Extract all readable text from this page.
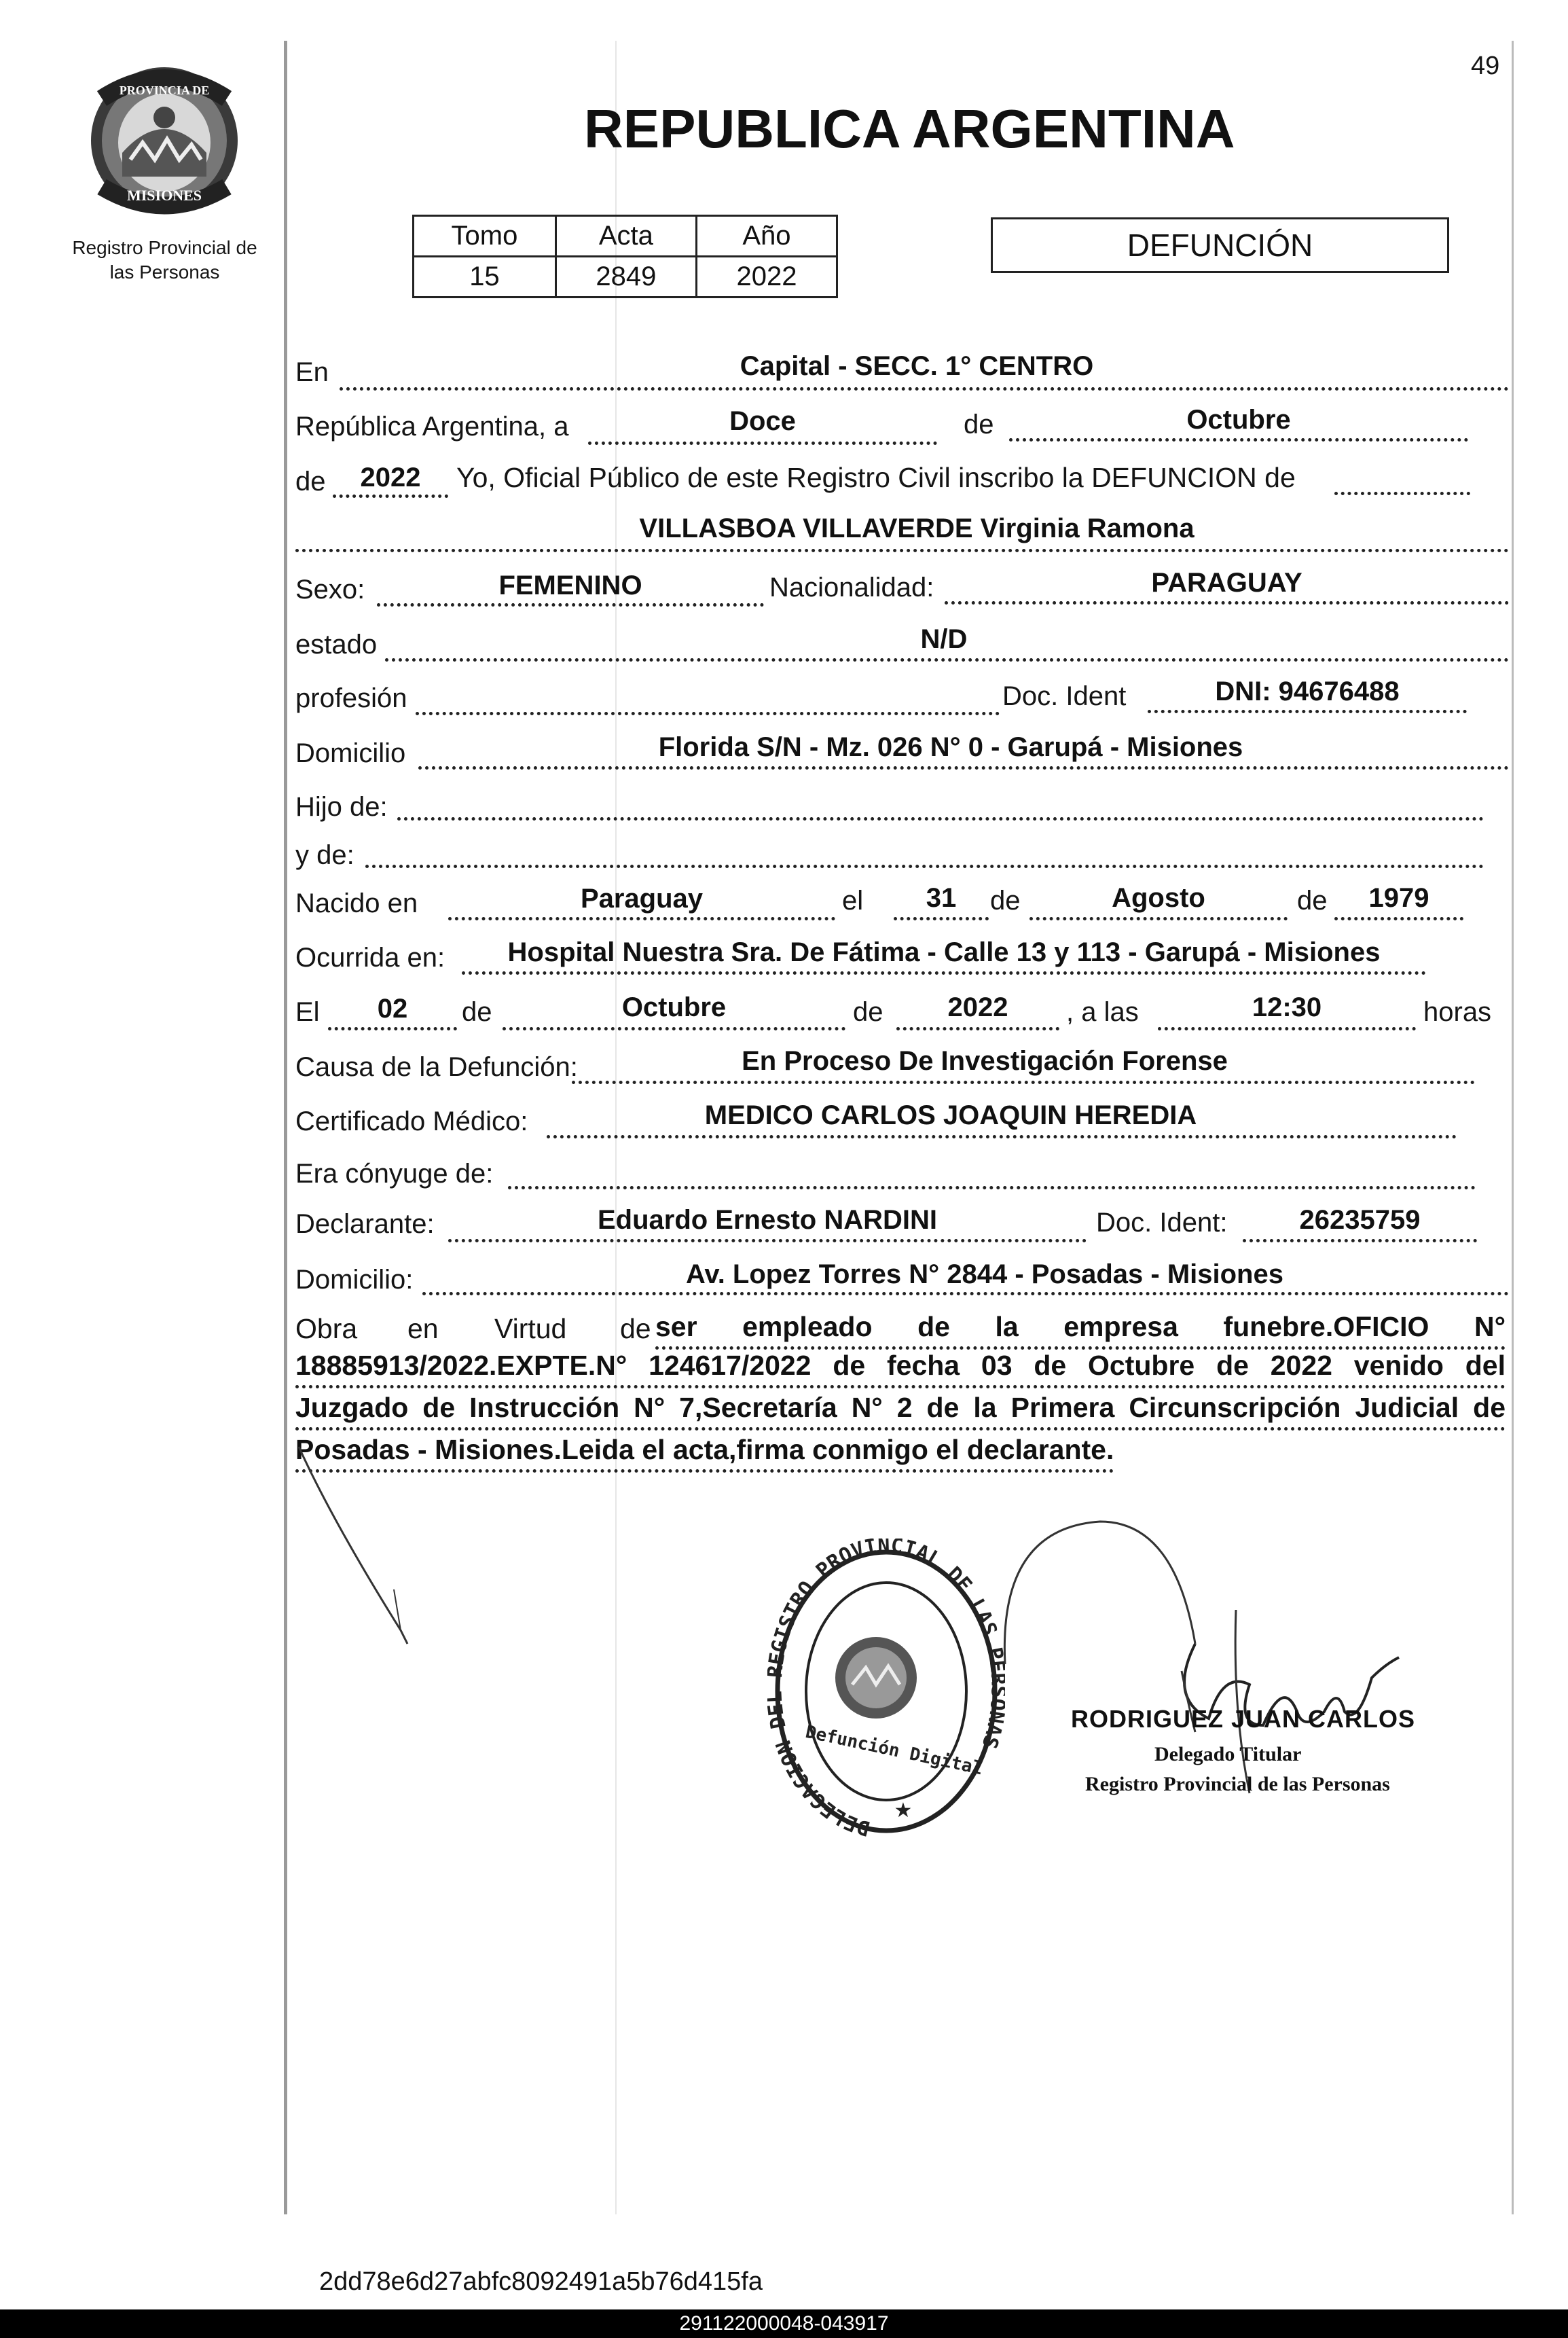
49
PROVINCIA DE
MISIONES
Registro Provincial de
las Personas
REPUBLICA ARGENTINA
Tomo	Acta	Año
15	2849	2022
DEFUNCIÓN
En	Capital - SECC. 1° CENTRO
República Argentina, a	Doce	de	Octubre
de	2022	Yo, Oficial Público de este Registro Civil inscribo la DEFUNCION de
VILLASBOA VILLAVERDE Virginia Ramona
Sexo:	FEMENINO	Nacionalidad:	PARAGUAY
estado	N/D
profesión	Doc. Ident	DNI: 94676488
Domicilio	Florida S/N - Mz. 026 N° 0 - Garupá - Misiones
Hijo de:
y de:
Nacido en	Paraguay	el	31	de	Agosto	de	1979
Ocurrida en:	Hospital Nuestra Sra. De Fátima - Calle 13 y 113 - Garupá - Misiones
El	02	de	Octubre	de	2022	, a las	12:30	horas
Causa de la Defunción:	En Proceso De Investigación Forense
Certificado Médico:	MEDICO CARLOS JOAQUIN HEREDIA
Era cónyuge de:
Declarante:	Eduardo Ernesto NARDINI	Doc. Ident:	26235759
Domicilio:	Av. Lopez Torres N° 2844 - Posadas - Misiones
Obra en Virtud de ser empleado de la empresa funebre.OFICIO N°
18885913/2022.EXPTE.N° 124617/2022 de fecha 03 de Octubre de 2022 venido del
Juzgado de Instrucción N° 7,Secretaría N° 2 de la Primera Circunscripción Judicial de
Posadas - Misiones.Leida el acta,firma conmigo el declarante.
DELEGACION D GISTRO PROVINCIAL DE LAS AS
Defunción Digital
★
RODRIGUEZ JUAN CARLOS
Delegado Titular
Registro Provincial de las Personas
2dd78e6d27abfc8092491a5b76d415fa
291122000048-043917
